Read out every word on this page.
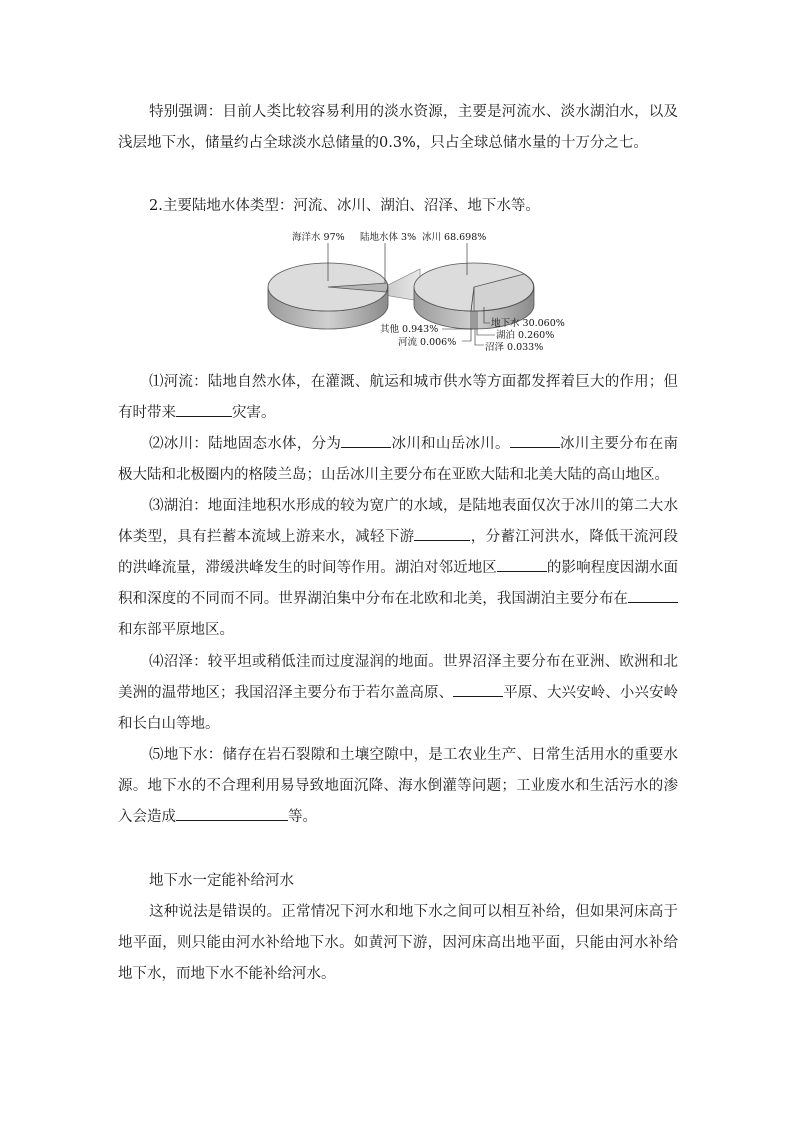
特别强调：目前人类比较容易利用的淡水资源，主要是河流水、淡水湖泊水，以及浅层地下水，储量约占全球淡水总储量的0.3%，只占全球总储水量的十万分之七。

2.主要陆地水体类型：河流、冰川、湖泊、沼泽、地下水等。

海洋水 97% 陆地水体 3% 冰川 68.698%
其他 0.943%
河流 0.006%
地下水 30.060%
湖泊 0.260%
沼泽 0.033%

⑴河流：陆地自然水体，在灌溉、航运和城市供水等方面都发挥着巨大的作用；但有时带来	灾害。

⑵冰川：陆地固态水体，分为	冰川和山岳冰川。	冰川主要分布在南极大陆和北极圈内的格陵兰岛；山岳冰川主要分布在亚欧大陆和北美大陆的高山地区。

⑶湖泊：地面洼地积水形成的较为宽广的水域，是陆地表面仅次于冰川的第二大水体类型，具有拦蓄本流域上游来水，减轻下游	，分蓄江河洪水，降低干流河段的洪峰流量，滞缓洪峰发生的时间等作用。湖泊对邻近地区	的影响程度因湖水面积和深度的不同而不同。世界湖泊集中分布在北欧和北美，我国湖泊主要分布在和东部平原地区。

⑷沼泽：较平坦或稍低洼而过度湿润的地面。世界沼泽主要分布在亚洲、欧洲和北美洲的温带地区；我国沼泽主要分布于若尔盖高原、	平原、大兴安岭、小兴安岭和长白山等地。

⑸地下水：储存在岩石裂隙和土壤空隙中，是工农业生产、日常生活用水的重要水源。地下水的不合理利用易导致地面沉降、海水倒灌等问题；工业废水和生活污水的渗入会造成	等。

地下水一定能补给河水

这种说法是错误的。正常情况下河水和地下水之间可以相互补给，但如果河床高于地平面，则只能由河水补给地下水。如黄河下游，因河床高出地平面，只能由河水补给地下水，而地下水不能补给河水。
